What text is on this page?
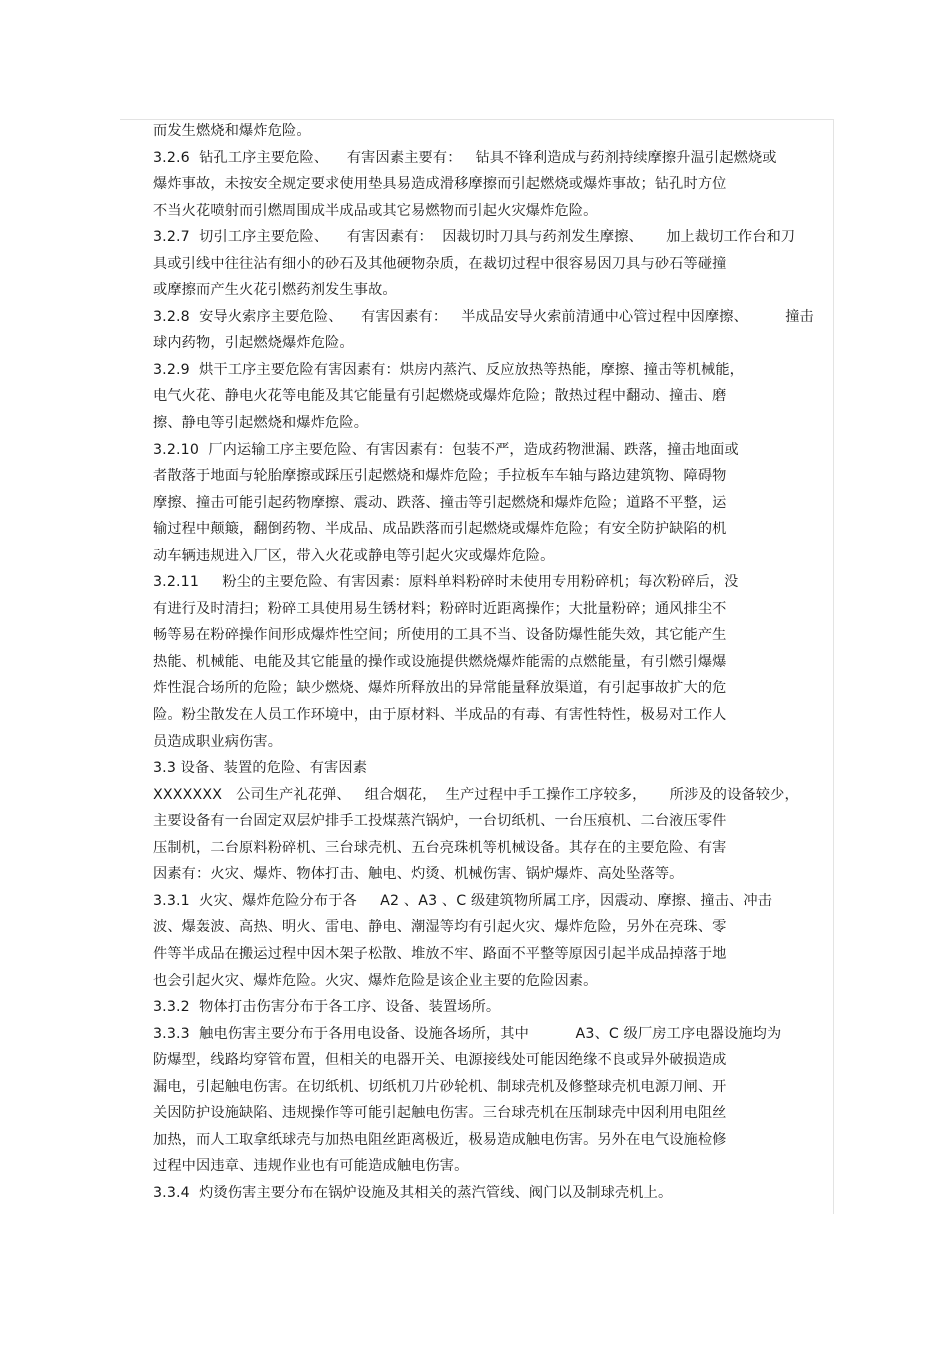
而发生燃烧和爆炸危险。
3.2.6  钻孔工序主要危险、    有害因素主要有：   钻具不锋利造成与药剂持续摩擦升温引起燃烧或
爆炸事故，未按安全规定要求使用垫具易造成滑移摩擦而引起燃烧或爆炸事故；钻孔时方位
不当火花喷射而引燃周围成半成品或其它易燃物而引起火灾爆炸危险。
3.2.7  切引工序主要危险、    有害因素有：  因裁切时刀具与药剂发生摩擦、     加上裁切工作台和刀
具或引线中往往沾有细小的砂石及其他硬物杂质，在裁切过程中很容易因刀具与砂石等碰撞
或摩擦而产生火花引燃药剂发生事故。
3.2.8  安导火索序主要危险、    有害因素有：   半成品安导火索前清通中心管过程中因摩擦、        撞击
球内药物，引起燃烧爆炸危险。
3.2.9  烘干工序主要危险有害因素有：烘房内蒸汽、反应放热等热能，摩擦、撞击等机械能，
电气火花、静电火花等电能及其它能量有引起燃烧或爆炸危险；散热过程中翻动、撞击、磨
擦、静电等引起燃烧和爆炸危险。
3.2.10  厂内运输工序主要危险、有害因素有：包装不严，造成药物泄漏、跌落，撞击地面或
者散落于地面与轮胎摩擦或踩压引起燃烧和爆炸危险；手拉板车车轴与路边建筑物、障碍物
摩擦、撞击可能引起药物摩擦、震动、跌落、撞击等引起燃烧和爆炸危险；道路不平整，运
输过程中颠簸，翻倒药物、半成品、成品跌落而引起燃烧或爆炸危险；有安全防护缺陷的机
动车辆违规进入厂区，带入火花或静电等引起火灾或爆炸危险。
3.2.11     粉尘的主要危险、有害因素：原料单料粉碎时未使用专用粉碎机；每次粉碎后，没
有进行及时清扫；粉碎工具使用易生锈材料；粉碎时近距离操作；大批量粉碎；通风排尘不
畅等易在粉碎操作间形成爆炸性空间；所使用的工具不当、设备防爆性能失效，其它能产生
热能、机械能、电能及其它能量的操作或设施提供燃烧爆炸能需的点燃能量，有引燃引爆爆
炸性混合场所的危险；缺少燃烧、爆炸所释放出的异常能量释放渠道，有引起事故扩大的危
险。粉尘散发在人员工作环境中，由于原材料、半成品的有毒、有害性特性，极易对工作人
员造成职业病伤害。
3.3 设备、装置的危险、有害因素
XXXXXXX   公司生产礼花弹、   组合烟花，  生产过程中手工操作工序较多，     所涉及的设备较少，
主要设备有一台固定双层炉排手工投煤蒸汽锅炉，一台切纸机、一台压痕机、二台液压零件
压制机，二台原料粉碎机、三台球壳机、五台亮珠机等机械设备。其存在的主要危险、有害
因素有：火灾、爆炸、物体打击、触电、灼烫、机械伤害、锅炉爆炸、高处坠落等。
3.3.1  火灾、爆炸危险分布于各     A2 、A3 、C 级建筑物所属工序，因震动、摩擦、撞击、冲击
波、爆轰波、高热、明火、雷电、静电、潮湿等均有引起火灾、爆炸危险，另外在亮珠、零
件等半成品在搬运过程中因木架子松散、堆放不牢、路面不平整等原因引起半成品掉落于地
也会引起火灾、爆炸危险。火灾、爆炸危险是该企业主要的危险因素。
3.3.2  物体打击伤害分布于各工序、设备、装置场所。
3.3.3  触电伤害主要分布于各用电设备、设施各场所，其中          A3、C 级厂房工序电器设施均为
防爆型，线路均穿管布置，但相关的电器开关、电源接线处可能因绝缘不良或异外破损造成
漏电，引起触电伤害。在切纸机、切纸机刀片砂轮机、制球壳机及修整球壳机电源刀闸、开
关因防护设施缺陷、违规操作等可能引起触电伤害。三台球壳机在压制球壳中因利用电阻丝
加热，而人工取拿纸球壳与加热电阻丝距离极近，极易造成触电伤害。另外在电气设施检修
过程中因违章、违规作业也有可能造成触电伤害。
3.3.4  灼烫伤害主要分布在锅炉设施及其相关的蒸汽管线、阀门以及制球壳机上。
